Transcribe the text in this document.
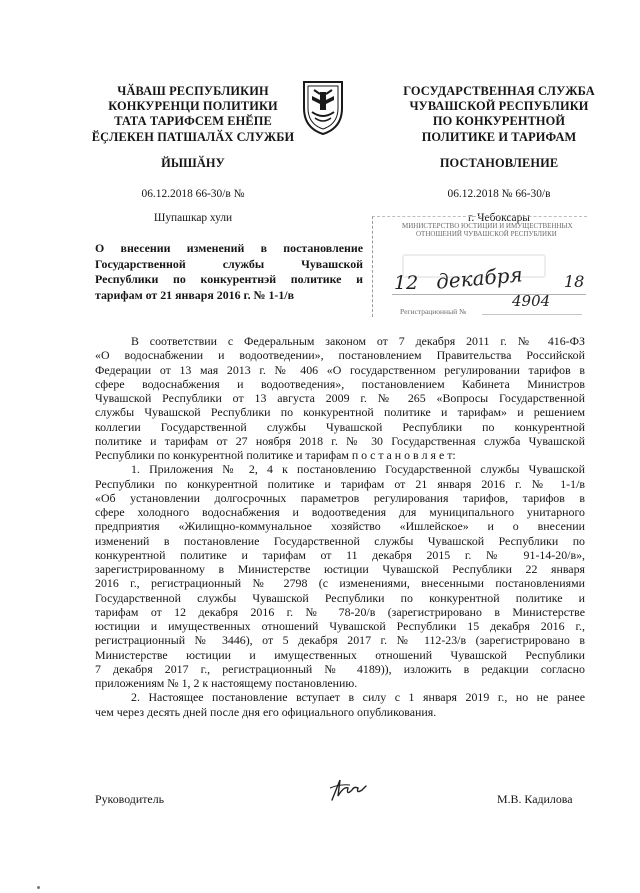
ЧӐВАШ РЕСПУБЛИКИН
КОНКУРЕНЦИ ПОЛИТИКИ
ТАТА ТАРИФСЕМ ЕНӖПЕ
ӖҪЛЕКЕН ПАТШАЛӐХ СЛУЖБИ
ЙЫШӐНУ
06.12.2018 66-30/в №
Шупашкар хули
ГОСУДАРСТВЕННАЯ СЛУЖБА
ЧУВАШСКОЙ РЕСПУБЛИКИ
ПО КОНКУРЕНТНОЙ
ПОЛИТИКЕ И ТАРИФАМ
ПОСТАНОВЛЕНИЕ
06.12.2018 № 66-30/в
г. Чебоксары
МИНИСТЕРСТВО ЮСТИЦИИ И ИМУЩЕСТВЕННЫХ
ОТНОШЕНИЙ ЧУВАШСКОЙ РЕСПУБЛИКИ
12 декабря	18
4904
Регистрационный №
О внесении изменений в постановление
Государственной службы Чувашской
Республики по конкурентнэй политике и
тарифам от 21 января 2016 г. № 1-1/в
В соответствии с Федеральным законом от 7 декабря 2011 г. № 416-ФЗ
«О водоснабжении и водоотведении», постановлением Правительства Российской
Федерации от 13 мая 2013 г. № 406 «О государственном регулировании тарифов в
сфере водоснабжения и водоотведения», постановлением Кабинета Министров
Чувашской Республики от 13 августа 2009 г. № 265 «Вопросы Государственной
службы Чувашской Республики по конкурентной политике и тарифам» и решением
коллегии Государственной службы Чувашской Республики по конкурентной
политике и тарифам от 27 ноября 2018 г. № 30 Государственная служба Чувашской
Республики по конкурентной политике и тарифам п о с т а н о в л я е т:
1. Приложения № 2, 4 к постановлению Государственной службы Чувашской
Республики по конкурентной политике и тарифам от 21 января 2016 г. № 1-1/в
«Об установлении долгосрочных параметров регулирования тарифов, тарифов в
сфере холодного водоснабжения и водоотведения для муниципального унитарного
предприятия «Жилищно-коммунальное хозяйство «Ишлейское» и о внесении
изменений в постановление Государственной службы Чувашской Республики по
конкурентной политике и тарифам от 11 декабря 2015 г. № 91-14-20/в»,
зарегистрированному в Министерстве юстиции Чувашской Республики 22 января
2016 г., регистрационный № 2798 (с изменениями, внесенными постановлениями
Государственной службы Чувашской Республики по конкурентной политике и
тарифам от 12 декабря 2016 г. № 78-20/в (зарегистрировано в Министерстве
юстиции и имущественных отношений Чувашской Республики 15 декабря 2016 г.,
регистрационный № 3446), от 5 декабря 2017 г. № 112-23/в (зарегистрировано в
Министерстве юстиции и имущественных отношений Чувашской Республики
7 декабря 2017 г., регистрационный № 4189)), изложить в редакции согласно
приложениям № 1, 2 к настоящему постановлению.
2. Настоящее постановление вступает в силу с 1 января 2019 г., но не ранее
чем через десять дней после дня его официального опубликования.
Руководитель	М.В. Кадилова
